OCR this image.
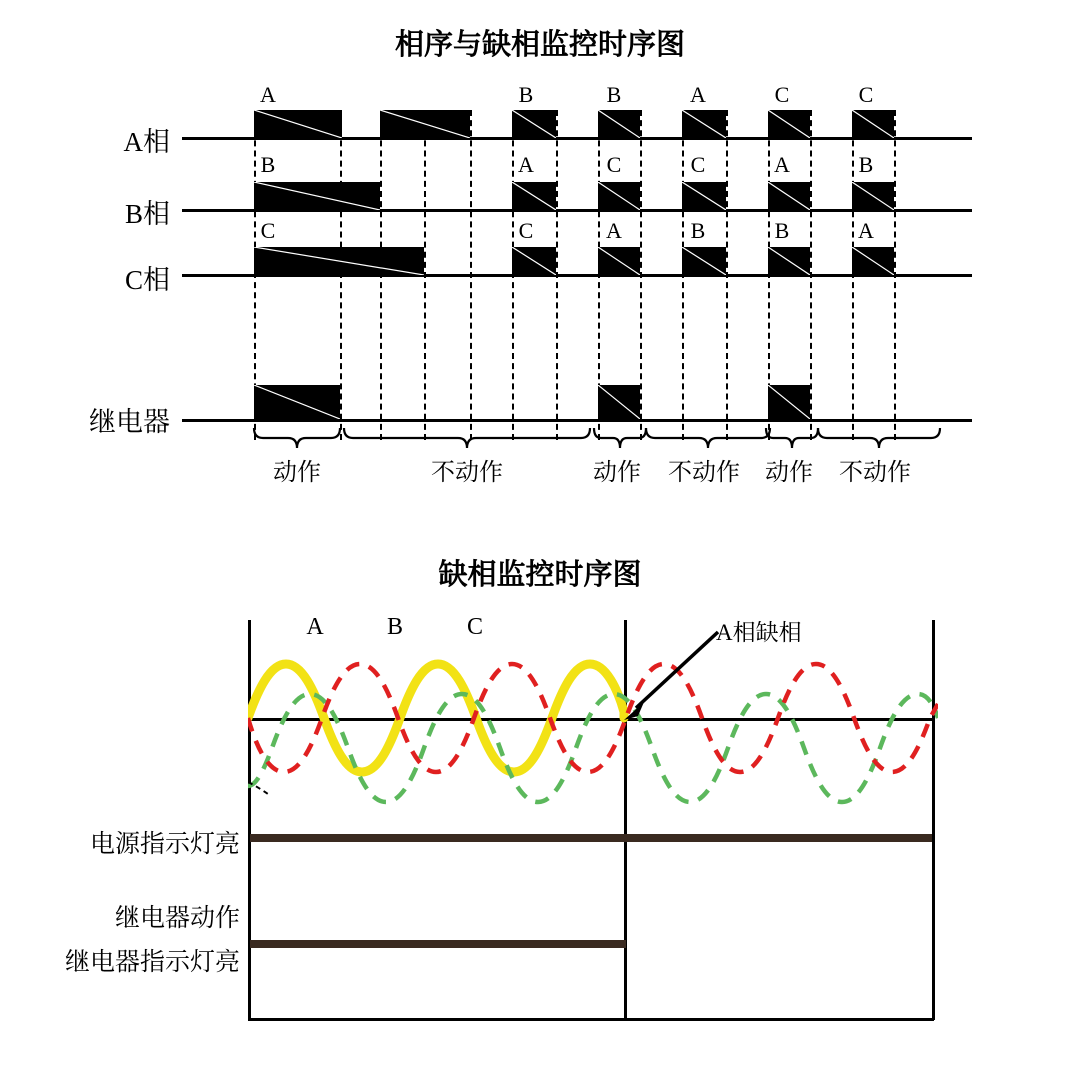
相序与缺相监控时序图
A相
B相
C相
继电器
A	B	B	A	C	C
B	A	C	C	A	B
C	C	A	B	B	A
动作	不动作	动作	不动作	动作	不动作
缺相监控时序图
A	B	C	A相缺相
电源指示灯亮
继电器动作
继电器指示灯亮
